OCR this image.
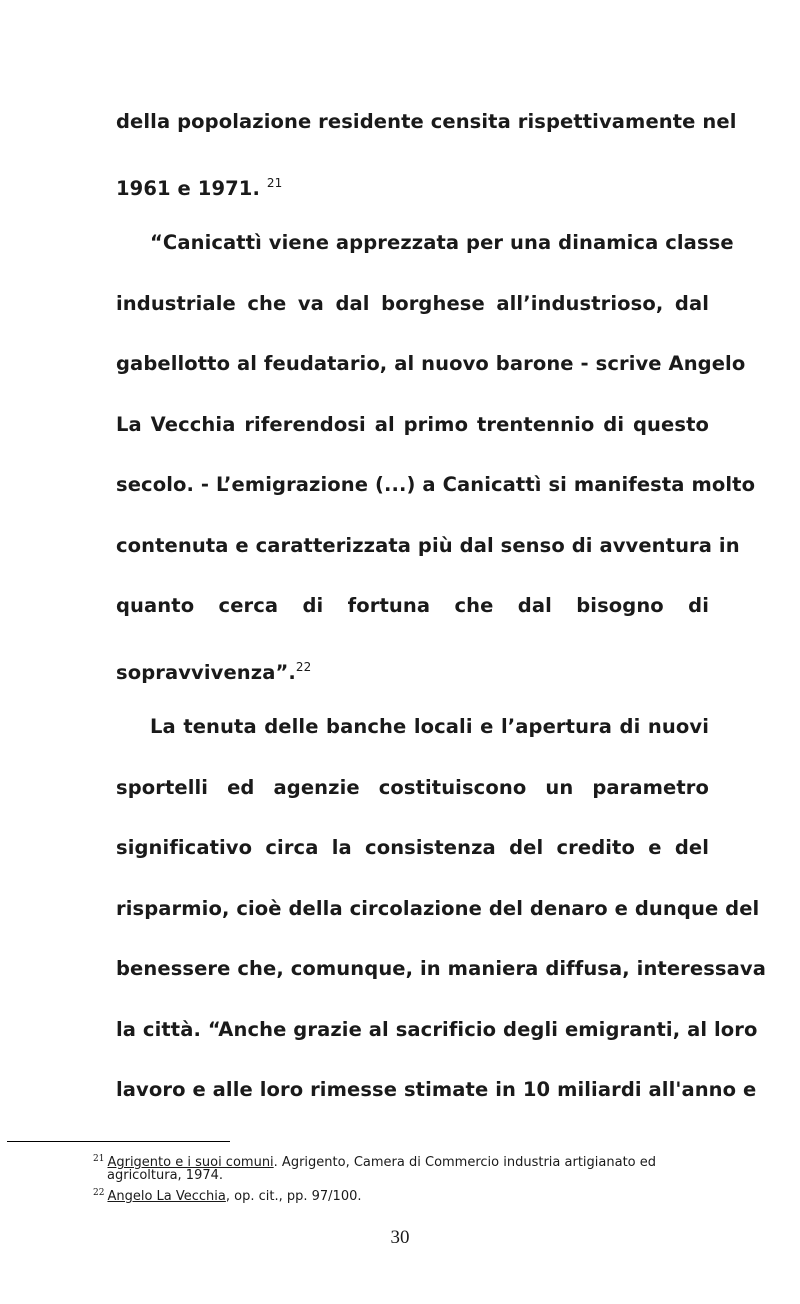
della popolazione residente censita rispettivamente nel
1961 e 1971. $^{21}$
“Canicattì viene apprezzata per una dinamica classe
industriale che va dal borghese all’industrioso, dal
gabellotto al feudatario, al nuovo barone - scrive Angelo
La Vecchia riferendosi al primo trentennio di questo
secolo. - L’emigrazione (...) a Canicattì si manifesta molto
contenuta e caratterizzata più dal senso di avventura in
quanto cerca di fortuna che dal bisogno di
sopravvivenza”.$^{22}$
La tenuta delle banche locali e l’apertura di nuovi
sportelli ed agenzie costituiscono un parametro
significativo circa la consistenza del credito e del
risparmio, cioè della circolazione del denaro e dunque del
benessere che, comunque, in maniera diffusa, interessava
la città. “Anche grazie al sacrificio degli emigranti, al loro
lavoro e alle loro rimesse stimate in 10 miliardi all'anno e
$^{21}$ Agrigento e i suoi comuni. Agrigento, Camera di Commercio industria artigianato ed
agricoltura, 1974.
$^{22}$ Angelo La Vecchia, op. cit., pp. 97/100.
30
